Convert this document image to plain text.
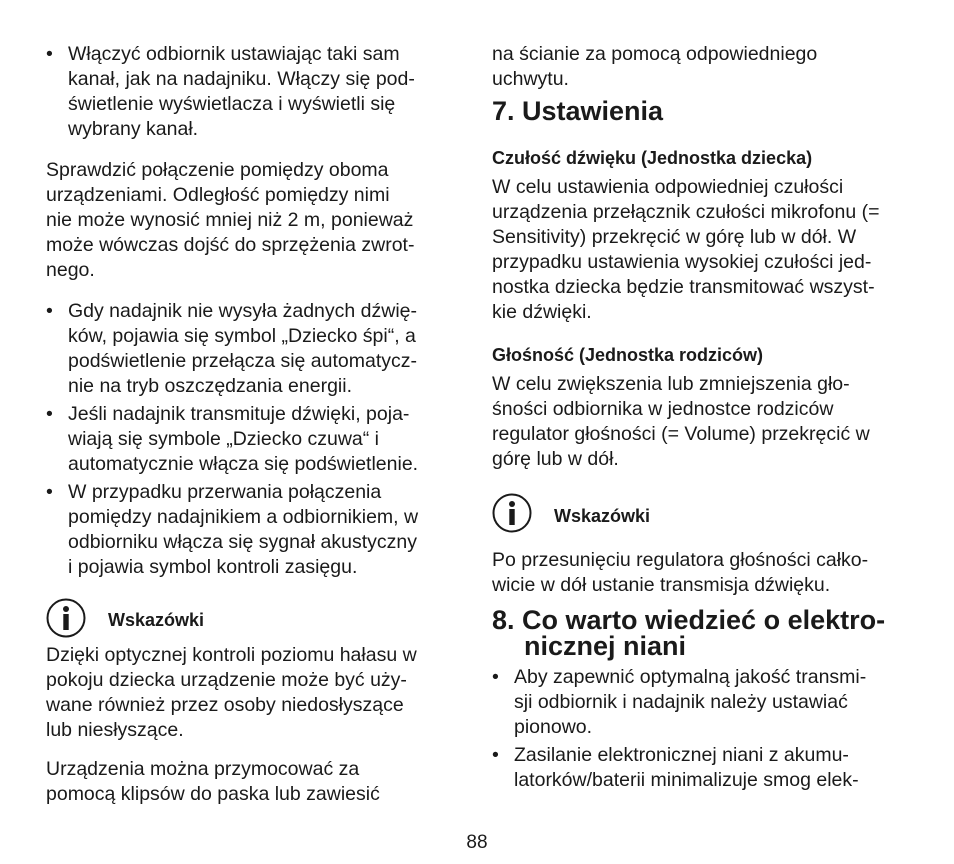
• Włączyć odbiornik ustawiając taki sam
kanał, jak na nadajniku. Włączy się pod-
świetlenie wyświetlacza i wyświetli się
wybrany kanał.
Sprawdzić połączenie pomiędzy oboma
urządzeniami. Odległość pomiędzy nimi
nie może wynosić mniej niż 2 m, ponieważ
może wówczas dojść do sprzężenia zwrot-
nego.
• Gdy nadajnik nie wysyła żadnych dźwię-
ków, pojawia się symbol „Dziecko śpi“, a
podświetlenie przełącza się automatycz-
nie na tryb oszczędzania energii.
• Jeśli nadajnik transmituje dźwięki, poja-
wiają się symbole „Dziecko czuwa“ i
automatycznie włącza się podświetlenie.
• W przypadku przerwania połączenia
pomiędzy nadajnikiem a odbiornikiem, w
odbiorniku włącza się sygnał akustyczny
i pojawia symbol kontroli zasięgu.
Wskazówki
Dzięki optycznej kontroli poziomu hałasu w
pokoju dziecka urządzenie może być uży-
wane również przez osoby niedosłyszące
lub niesłyszące.
Urządzenia można przymocować za
pomocą klipsów do paska lub zawiesić
na ścianie za pomocą odpowiedniego
uchwytu.
7. Ustawienia
Czułość dźwięku (Jednostka dziecka)
W celu ustawienia odpowiedniej czułości
urządzenia przełącznik czułości mikrofonu (=
Sensitivity) przekręcić w górę lub w dół. W
przypadku ustawienia wysokiej czułości jed-
nostka dziecka będzie transmitować wszyst-
kie dźwięki.
Głośność (Jednostka rodziców)
W celu zwiększenia lub zmniejszenia gło-
śności odbiornika w jednostce rodziców
regulator głośności (= Volume) przekręcić w
górę lub w dół.
Wskazówki
Po przesunięciu regulatora głośności całko-
wicie w dół ustanie transmisja dźwięku.
8. Co warto wiedzieć o elektro-
nicznej niani
• Aby zapewnić optymalną jakość transmi-
sji odbiornik i nadajnik należy ustawiać
pionowo.
• Zasilanie elektronicznej niani z akumu-
latorków/baterii minimalizuje smog elek-
88
